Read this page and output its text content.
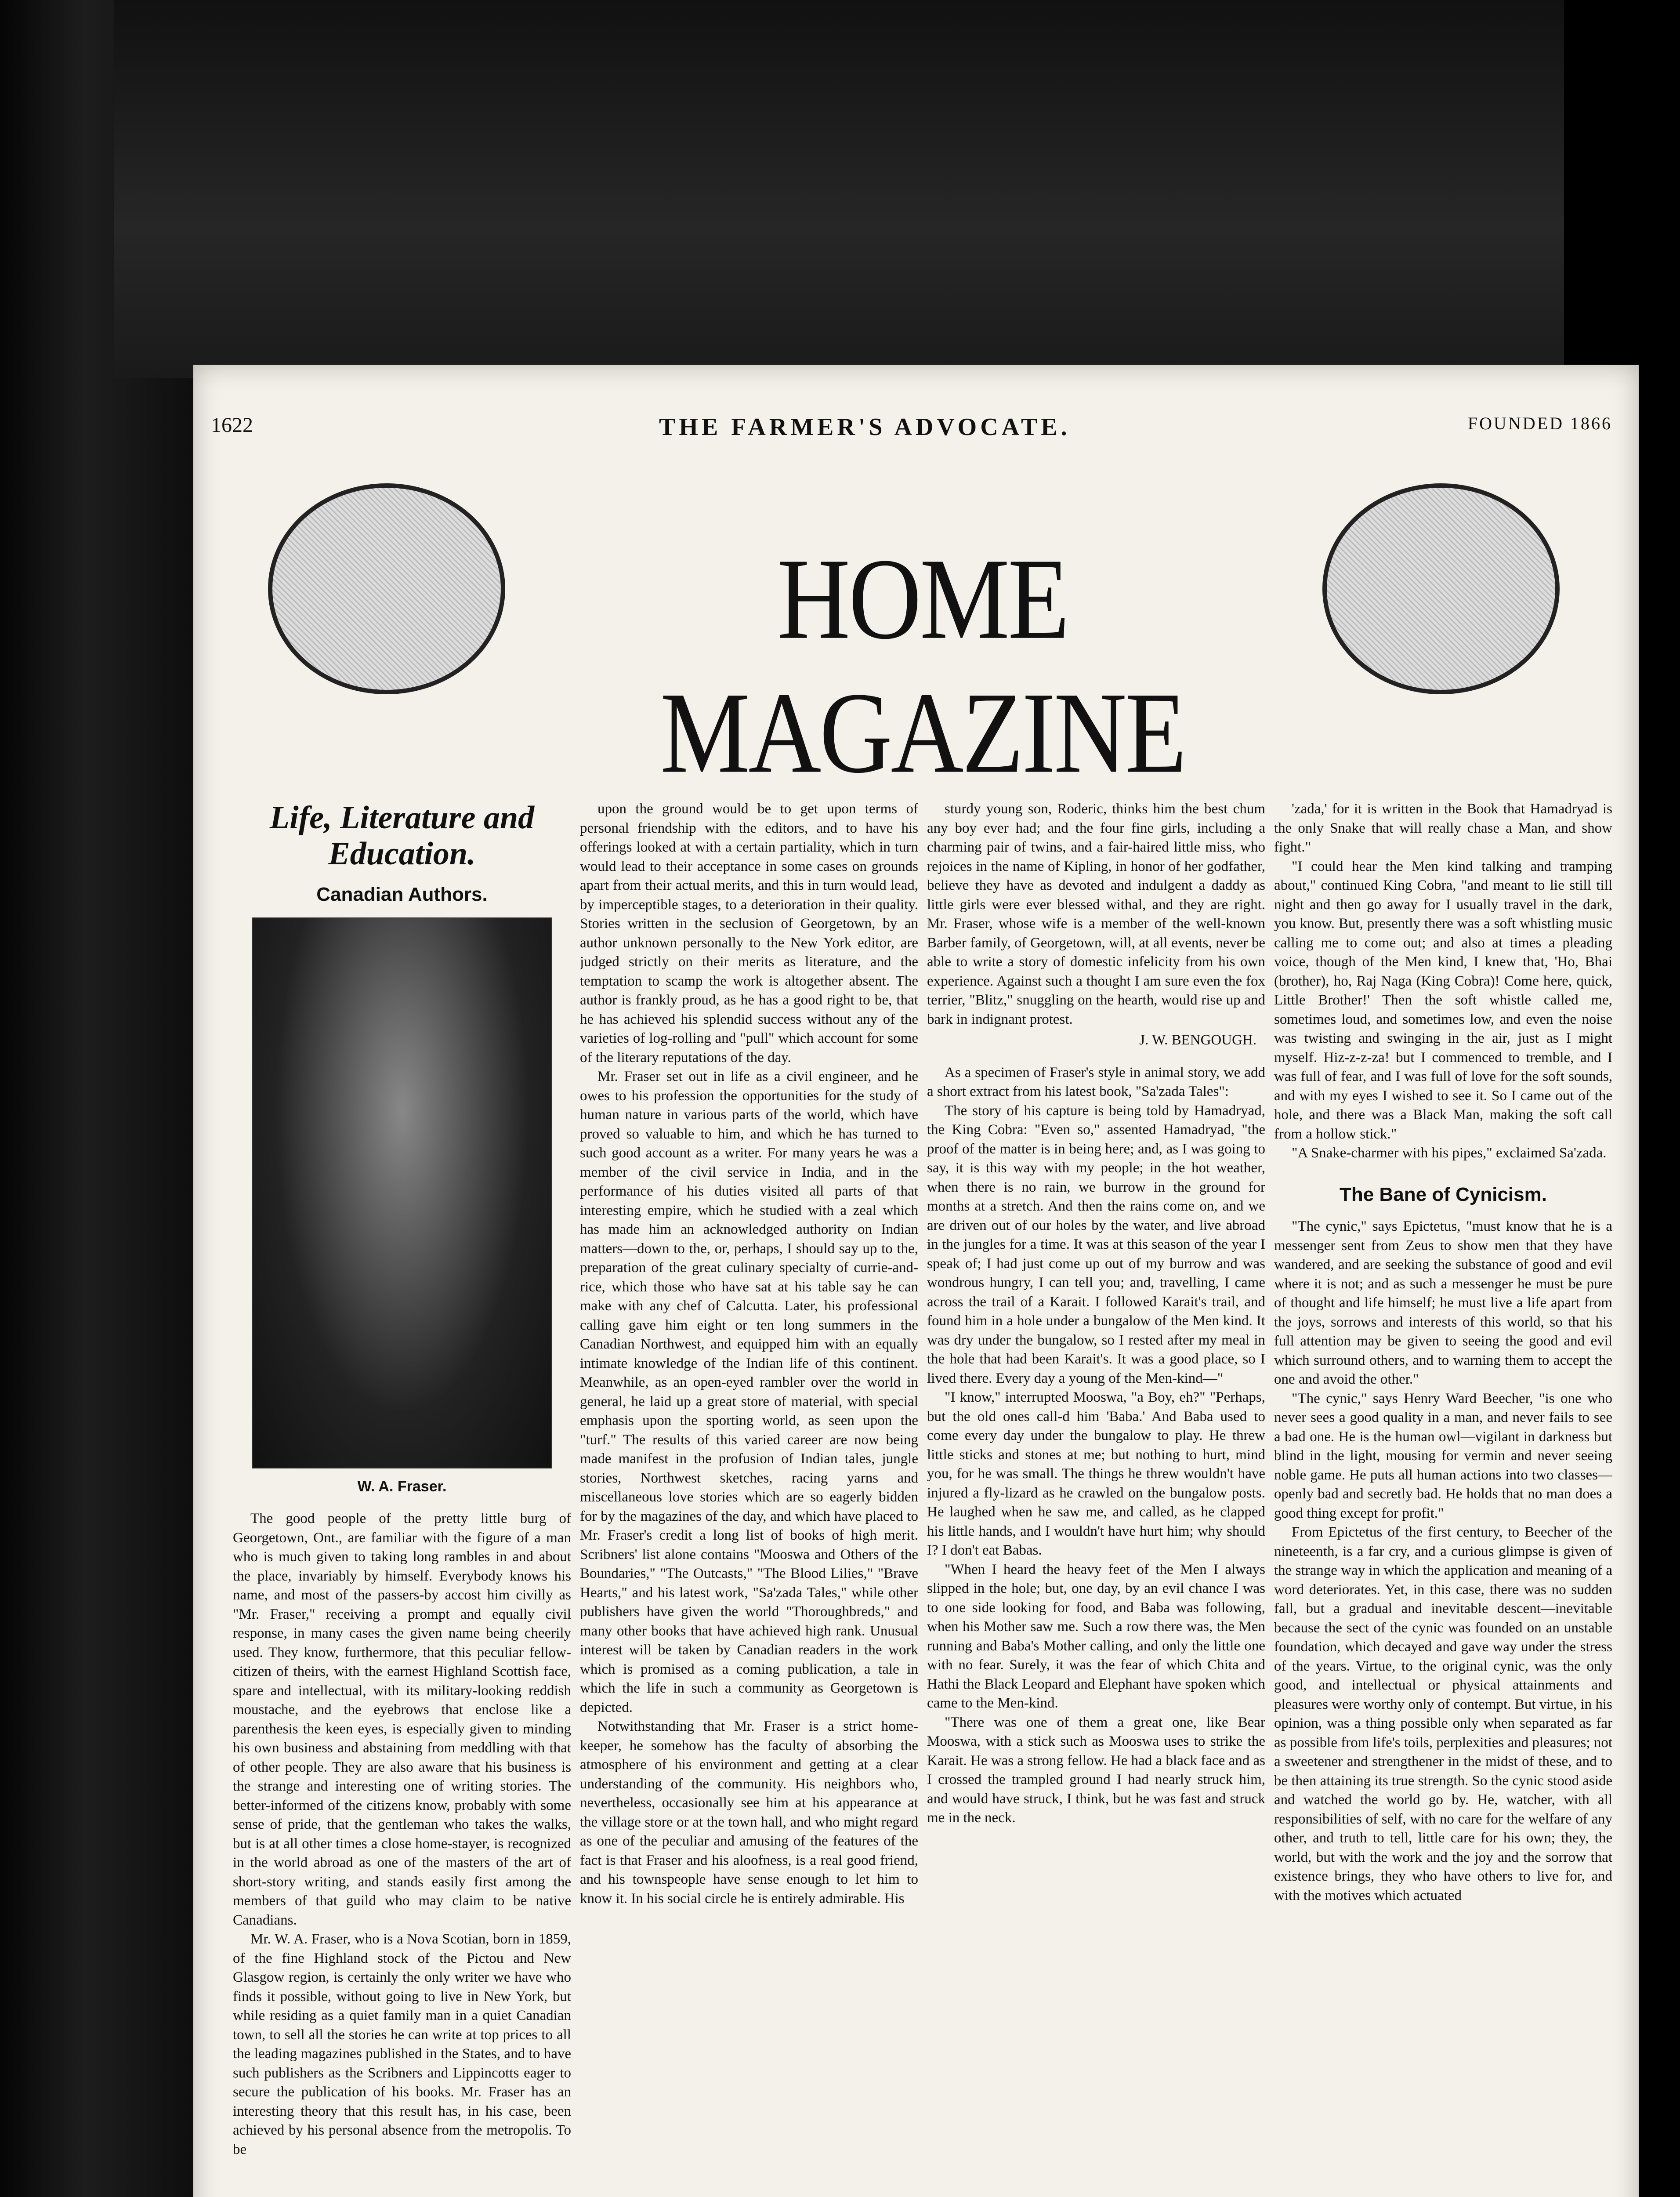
1622	THE FARMER'S ADVOCATE.	FOUNDED 1866
HOME MAGAZINE
Life, Literature and Education.
Canadian Authors.
W. A. Fraser.

The good people of the pretty little burg of Georgetown, Ont., are familiar with the figure of a man who is much given to taking long rambles in and about the place, invariably by himself. Everybody knows his name, and most of the passers-by accost him civilly as "Mr. Fraser," receiving a prompt and equally civil response, in many cases the given name being cheerily used. They know, furthermore, that this peculiar fellow-citizen of theirs, with the earnest Highland Scottish face, spare and intellectual, with its military-looking reddish moustache, and the eyebrows that enclose like a parenthesis the keen eyes, is especially given to minding his own business and abstaining from meddling with that of other people. They are also aware that his business is the strange and interesting one of writing stories. The better-informed of the citizens know, probably with some sense of pride, that the gentleman who takes the walks, but is at all other times a close home-stayer, is recognized in the world abroad as one of the masters of the art of short-story writing, and stands easily first among the members of that guild who may claim to be native Canadians.

Mr. W. A. Fraser, who is a Nova Scotian, born in 1859, of the fine Highland stock of the Pictou and New Glasgow region, is certainly the only writer we have who finds it possible, without going to live in New York, but while residing as a quiet family man in a quiet Canadian town, to sell all the stories he can write at top prices to all the leading magazines published in the States, and to have such publishers as the Scribners and Lippincotts eager to secure the publication of his books. Mr. Fraser has an interesting theory that this result has, in his case, been achieved by his personal absence from the metropolis. To be

upon the ground would be to get upon terms of personal friendship with the editors, and to have his offerings looked at with a certain partiality, which in turn would lead to their acceptance in some cases on grounds apart from their actual merits, and this in turn would lead, by imperceptible stages, to a deterioration in their quality. Stories written in the seclusion of Georgetown, by an author unknown personally to the New York editor, are judged strictly on their merits as literature, and the temptation to scamp the work is altogether absent. The author is frankly proud, as he has a good right to be, that he has achieved his splendid success without any of the varieties of log-rolling and "pull" which account for some of the literary reputations of the day.

Mr. Fraser set out in life as a civil engineer, and he owes to his profession the opportunities for the study of human nature in various parts of the world, which have proved so valuable to him, and which he has turned to such good account as a writer. For many years he was a member of the civil service in India, and in the performance of his duties visited all parts of that interesting empire, which he studied with a zeal which has made him an acknowledged authority on Indian matters—down to the, or, perhaps, I should say up to the, preparation of the great culinary specialty of currie-and-rice, which those who have sat at his table say he can make with any chef of Calcutta. Later, his professional calling gave him eight or ten long summers in the Canadian Northwest, and equipped him with an equally intimate knowledge of the Indian life of this continent. Meanwhile, as an open-eyed rambler over the world in general, he laid up a great store of material, with special emphasis upon the sporting world, as seen upon the "turf." The results of this varied career are now being made manifest in the profusion of Indian tales, jungle stories, Northwest sketches, racing yarns and miscellaneous love stories which are so eagerly bidden for by the magazines of the day, and which have placed to Mr. Fraser's credit a long list of books of high merit. Scribners' list alone contains "Mooswa and Others of the Boundaries," "The Outcasts," "The Blood Lilies," "Brave Hearts," and his latest work, "Sa'zada Tales," while other publishers have given the world "Thoroughbreds," and many other books that have achieved high rank. Unusual interest will be taken by Canadian readers in the work which is promised as a coming publication, a tale in which the life in such a community as Georgetown is depicted.

Notwithstanding that Mr. Fraser is a strict home-keeper, he somehow has the faculty of absorbing the atmosphere of his environment and getting at a clear understanding of the community. His neighbors who, nevertheless, occasionally see him at his appearance at the village store or at the town hall, and who might regard as one of the peculiar and amusing of the features of the fact is that Fraser and his aloofness, is a real good friend, and his townspeople have sense enough to let him to know it. In his social circle he is entirely admirable. His

sturdy young son, Roderic, thinks him the best chum any boy ever had; and the four fine girls, including a charming pair of twins, and a fair-haired little miss, who rejoices in the name of Kipling, in honor of her godfather, believe they have as devoted and indulgent a daddy as little girls were ever blessed withal, and they are right. Mr. Fraser, whose wife is a member of the well-known Barber family, of Georgetown, will, at all events, never be able to write a story of domestic infelicity from his own experience. Against such a thought I am sure even the fox terrier, "Blitz," snuggling on the hearth, would rise up and bark in indignant protest.

J. W. BENGOUGH.

As a specimen of Fraser's style in animal story, we add a short extract from his latest book, "Sa'zada Tales":

The story of his capture is being told by Hamadryad, the King Cobra: "Even so," assented Hamadryad, "the proof of the matter is in being here; and, as I was going to say, it is this way with my people; in the hot weather, when there is no rain, we burrow in the ground for months at a stretch. And then the rains come on, and we are driven out of our holes by the water, and live abroad in the jungles for a time. It was at this season of the year I speak of; I had just come up out of my burrow and was wondrous hungry, I can tell you; and, travelling, I came across the trail of a Karait. I followed Karait's trail, and found him in a hole under a bungalow of the Men kind. It was dry under the bungalow, so I rested after my meal in the hole that had been Karait's. It was a good place, so I lived there. Every day a young of the Men-kind—"

"I know," interrupted Mooswa, "a Boy, eh?" "Perhaps, but the old ones call-d him 'Baba.' And Baba used to come every day under the bungalow to play. He threw little sticks and stones at me; but nothing to hurt, mind you, for he was small. The things he threw wouldn't have injured a fly-lizard as he crawled on the bungalow posts. He laughed when he saw me, and called, as he clapped his little hands, and I wouldn't have hurt him; why should I? I don't eat Babas.

"When I heard the heavy feet of the Men I always slipped in the hole; but, one day, by an evil chance I was to one side looking for food, and Baba was following, when his Mother saw me. Such a row there was, the Men running and Baba's Mother calling, and only the little one with no fear. Surely, it was the fear of which Chita and Hathi the Black Leopard and Elephant have spoken which came to the Men-kind.

"There was one of them a great one, like Bear Mooswa, with a stick such as Mooswa uses to strike the Karait. He was a strong fellow. He had a black face and as I crossed the trampled ground I had nearly struck him, and would have struck, I think, but he was fast and struck me in the neck.

'zada,' for it is written in the Book that Hamadryad is the only Snake that will really chase a Man, and show fight."

"I could hear the Men kind talking and tramping about," continued King Cobra, "and meant to lie still till night and then go away for I usually travel in the dark, you know. But, presently there was a soft whistling music calling me to come out; and also at times a pleading voice, though of the Men kind, I knew that, 'Ho, Bhai (brother), ho, Raj Naga (King Cobra)! Come here, quick, Little Brother!' Then the soft whistle called me, sometimes loud, and sometimes low, and even the noise was twisting and swinging in the air, just as I might myself. Hiz-z-z-za! but I commenced to tremble, and I was full of fear, and I was full of love for the soft sounds, and with my eyes I wished to see it. So I came out of the hole, and there was a Black Man, making the soft call from a hollow stick."

"A Snake-charmer with his pipes," exclaimed Sa'zada.

The Bane of Cynicism.

"The cynic," says Epictetus, "must know that he is a messenger sent from Zeus to show men that they have wandered, and are seeking the substance of good and evil where it is not; and as such a messenger he must be pure of thought and life himself; he must live a life apart from the joys, sorrows and interests of this world, so that his full attention may be given to seeing the good and evil which surround others, and to warning them to accept the one and avoid the other."

"The cynic," says Henry Ward Beecher, "is one who never sees a good quality in a man, and never fails to see a bad one. He is the human owl—vigilant in darkness but blind in the light, mousing for vermin and never seeing noble game. He puts all human actions into two classes—openly bad and secretly bad. He holds that no man does a good thing except for profit."

From Epictetus of the first century, to Beecher of the nineteenth, is a far cry, and a curious glimpse is given of the strange way in which the application and meaning of a word deteriorates. Yet, in this case, there was no sudden fall, but a gradual and inevitable descent—inevitable because the sect of the cynic was founded on an unstable foundation, which decayed and gave way under the stress of the years. Virtue, to the original cynic, was the only good, and intellectual or physical attainments and pleasures were worthy only of contempt. But virtue, in his opinion, was a thing possible only when separated as far as possible from life's toils, perplexities and pleasures; not a sweetener and strengthener in the midst of these, and to be then attaining its true strength. So the cynic stood aside and watched the world go by. He, watcher, with all responsibilities of self, with no care for the welfare of any other, and truth to tell, little care for his own; they, the world, but with the work and the joy and the sorrow that existence brings, they who have others to live for, and with the motives which actuated
